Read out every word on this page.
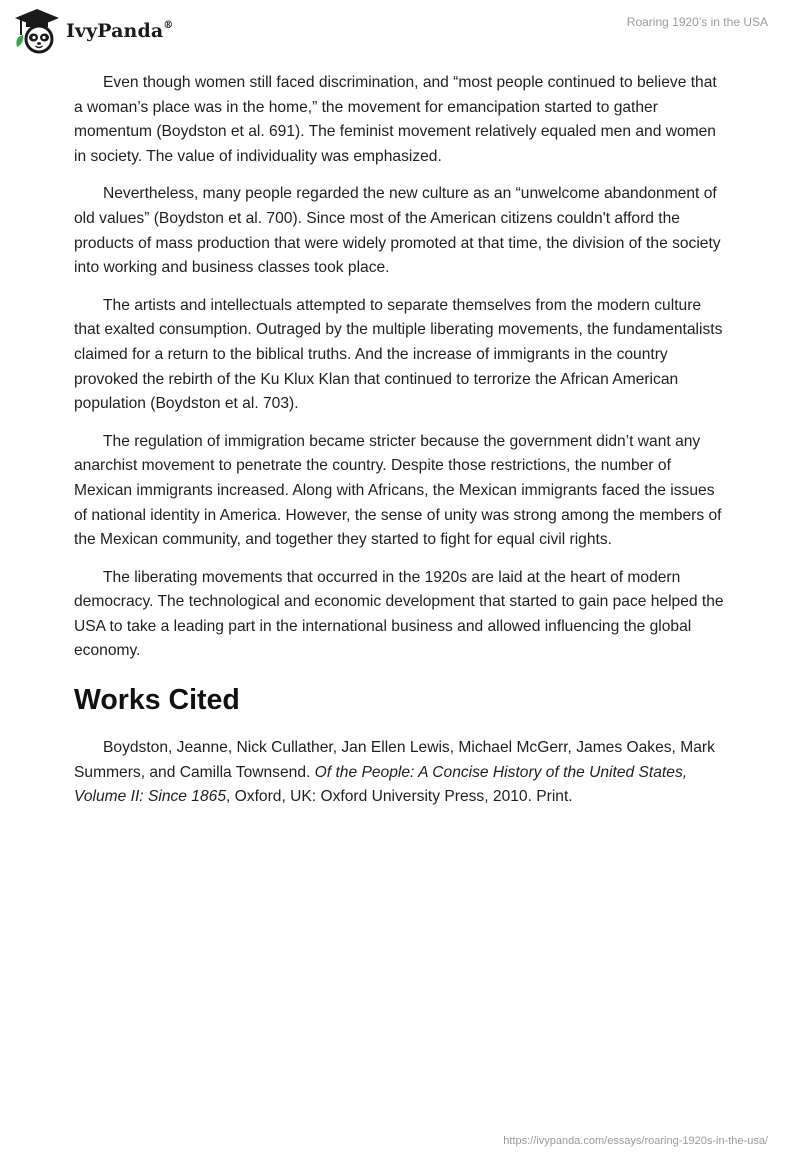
IvyPanda®	Roaring 1920’s in the USA

Even though women still faced discrimination, and “most people continued to believe that a woman’s place was in the home,” the movement for emancipation started to gather momentum (Boydston et al. 691). The feminist movement relatively equaled men and women in society. The value of individuality was emphasized.

Nevertheless, many people regarded the new culture as an “unwelcome abandonment of old values” (Boydston et al. 700). Since most of the American citizens couldn't afford the products of mass production that were widely promoted at that time, the division of the society into working and business classes took place.

The artists and intellectuals attempted to separate themselves from the modern culture that exalted consumption. Outraged by the multiple liberating movements, the fundamentalists claimed for a return to the biblical truths. And the increase of immigrants in the country provoked the rebirth of the Ku Klux Klan that continued to terrorize the African American population (Boydston et al. 703).

The regulation of immigration became stricter because the government didn’t want any anarchist movement to penetrate the country. Despite those restrictions, the number of Mexican immigrants increased. Along with Africans, the Mexican immigrants faced the issues of national identity in America. However, the sense of unity was strong among the members of the Mexican community, and together they started to fight for equal civil rights.

The liberating movements that occurred in the 1920s are laid at the heart of modern democracy. The technological and economic development that started to gain pace helped the USA to take a leading part in the international business and allowed influencing the global economy.

Works Cited

Boydston, Jeanne, Nick Cullather, Jan Ellen Lewis, Michael McGerr, James Oakes, Mark Summers, and Camilla Townsend. Of the People: A Concise History of the United States, Volume II: Since 1865, Oxford, UK: Oxford University Press, 2010. Print.

https://ivypanda.com/essays/roaring-1920s-in-the-usa/
